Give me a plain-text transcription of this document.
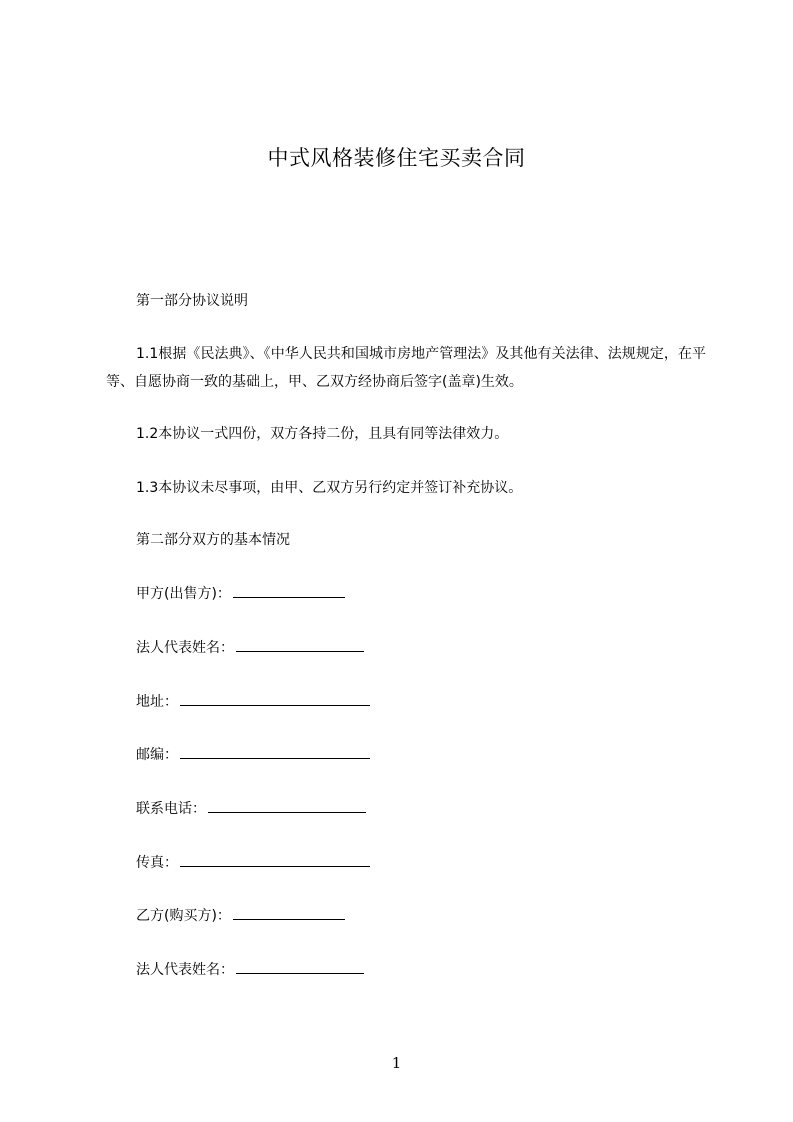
中式风格装修住宅买卖合同
第一部分协议说明
1.1根据《民法典》、《中华人民共和国城市房地产管理法》及其他有关法律、法规规定，在平等、自愿协商一致的基础上，甲、乙双方经协商后签字(盖章)生效。
1.2本协议一式四份，双方各持二份，且具有同等法律效力。
1.3本协议未尽事项，由甲、乙双方另行约定并签订补充协议。
第二部分双方的基本情况
甲方(出售方)：
法人代表姓名：
地址：
邮编：
联系电话：
传真：
乙方(购买方)：
法人代表姓名：
1
